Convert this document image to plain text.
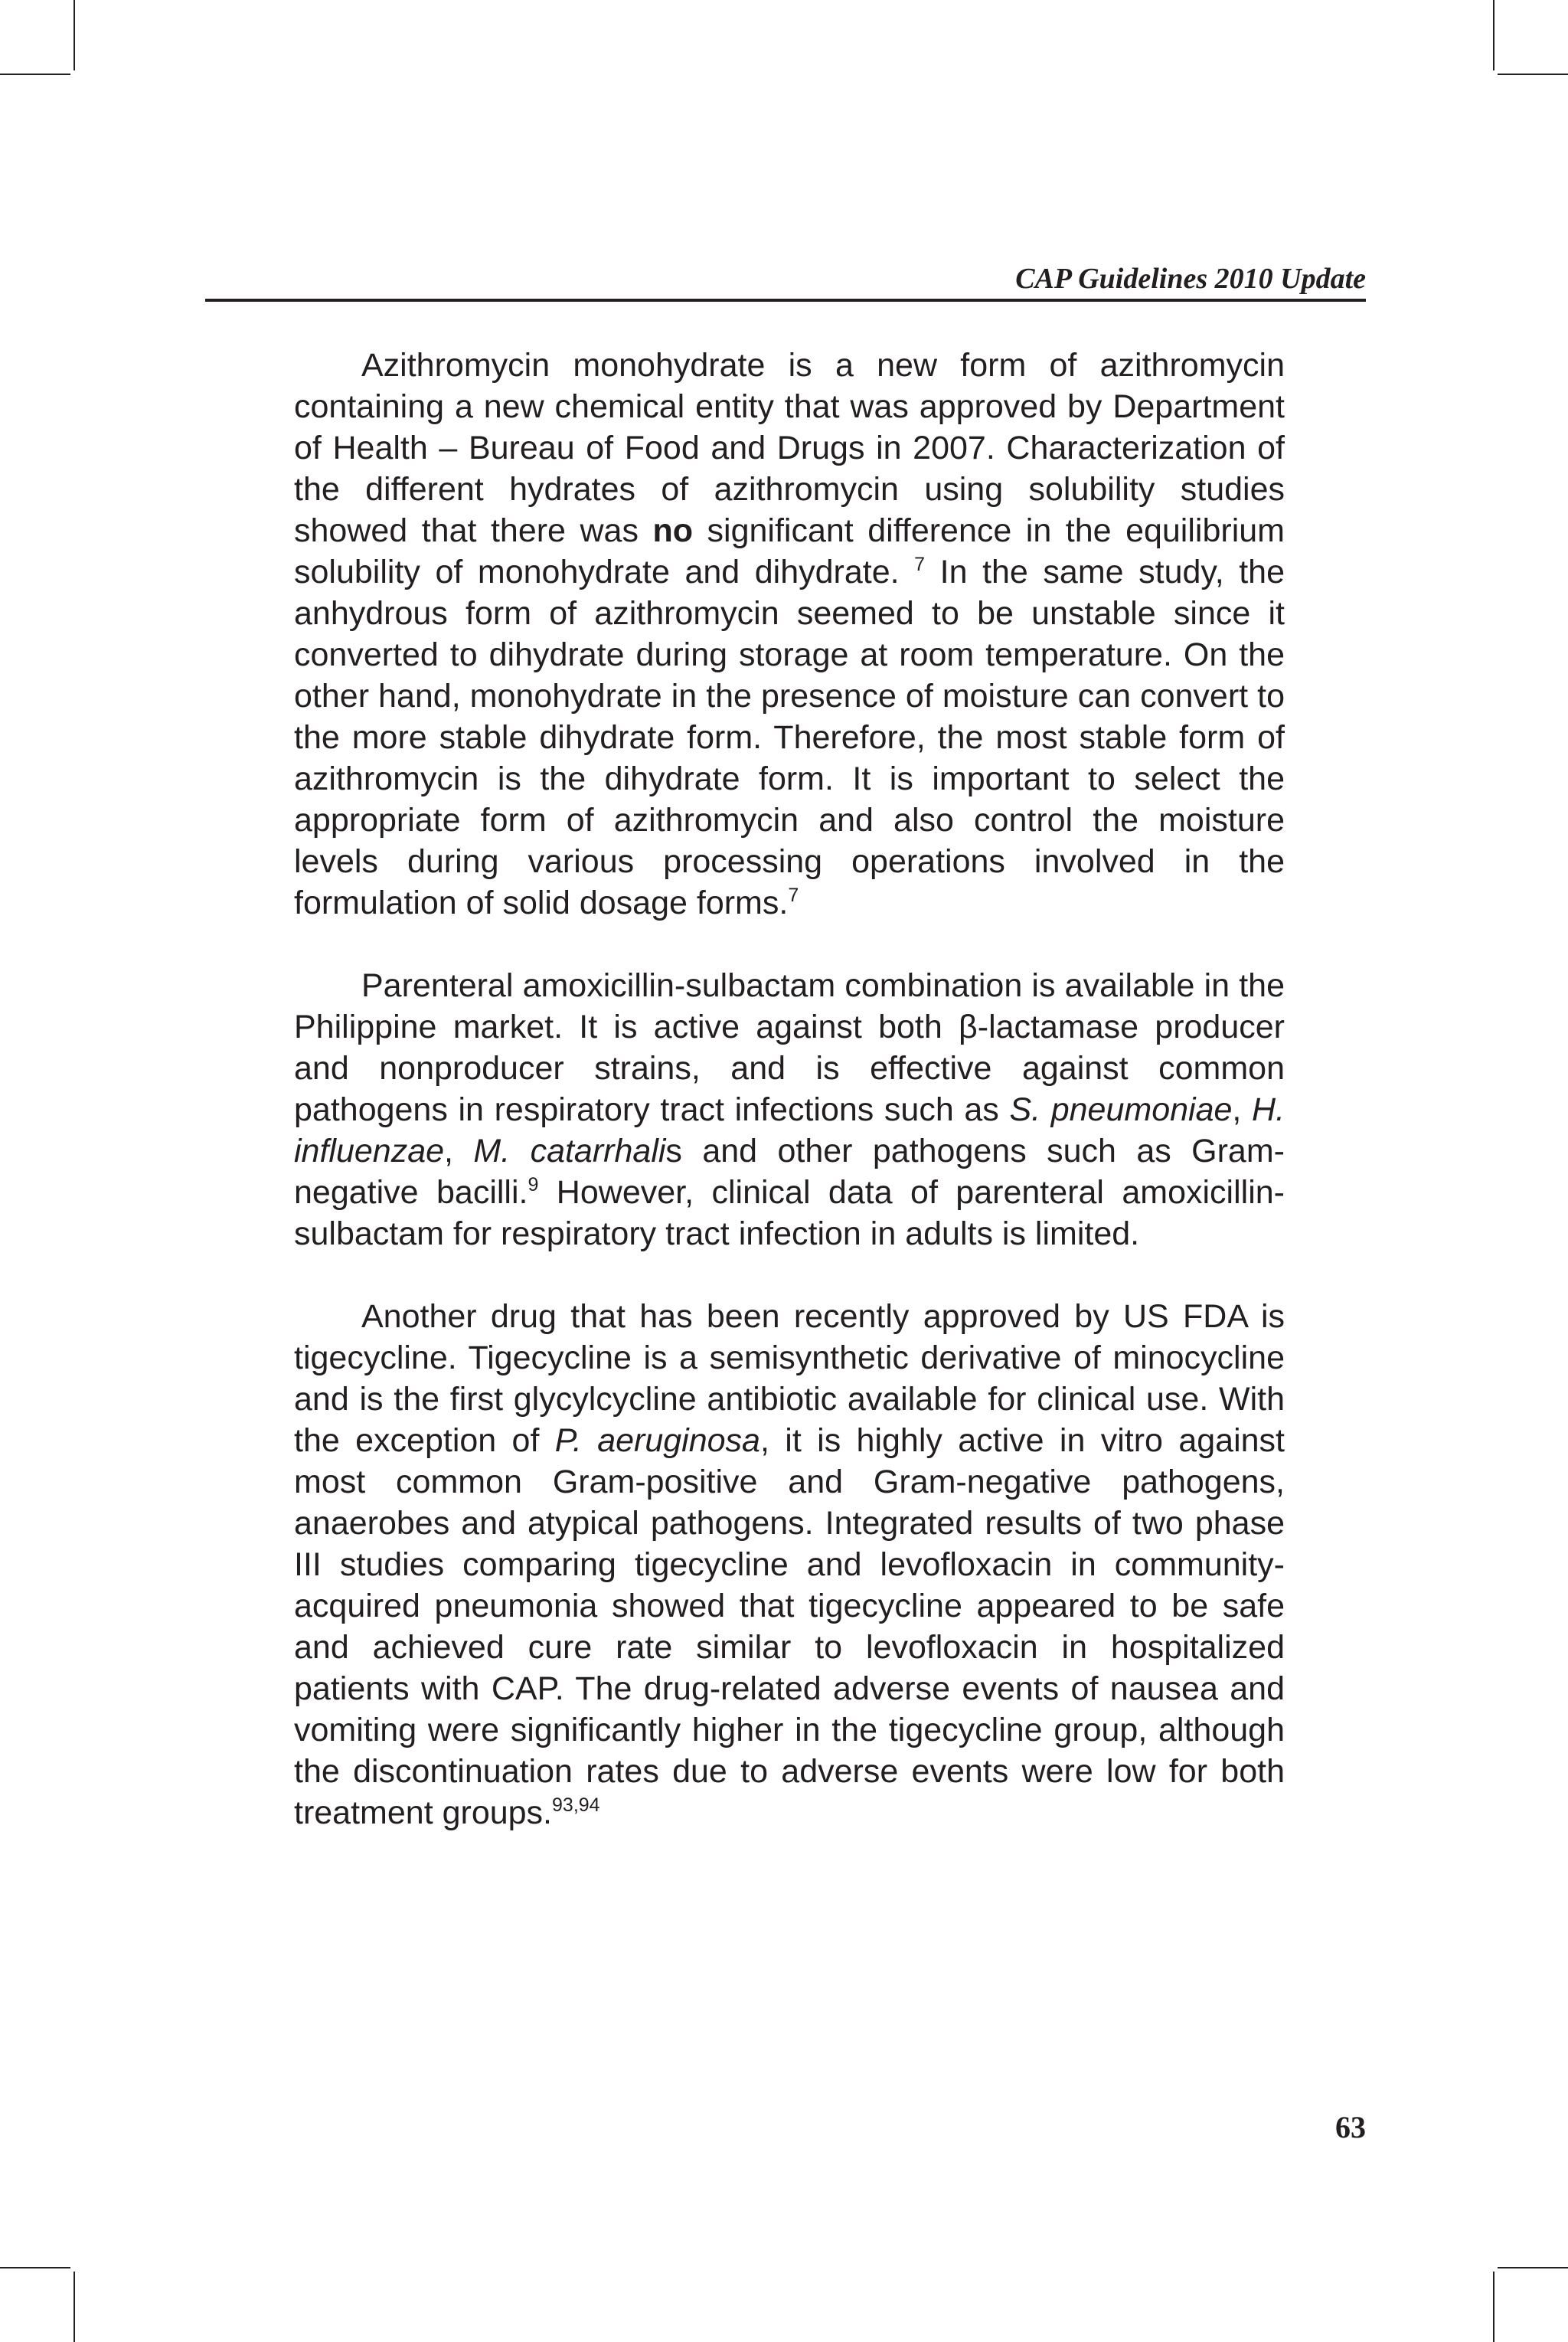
CAP Guidelines 2010 Update

Azithromycin monohydrate is a new form of azithromycin containing a new chemical entity that was approved by Department of Health – Bureau of Food and Drugs in 2007. Characterization of the different hydrates of azithromycin using solubility studies showed that there was no significant difference in the equilibrium solubility of monohydrate and dihydrate. $^7$ In the same study, the anhydrous form of azithromycin seemed to be unstable since it converted to dihydrate during storage at room temperature. On the other hand, monohydrate in the presence of moisture can convert to the more stable dihydrate form. Therefore, the most stable form of azithromycin is the dihydrate form. It is important to select the appropriate form of azithromycin and also control the moisture levels during various processing operations involved in the formulation of solid dosage forms.$^7$

Parenteral amoxicillin-sulbactam combination is available in the Philippine market. It is active against both β-lactamase producer and nonproducer strains, and is effective against common pathogens in respiratory tract infections such as S. pneumoniae, H. influenzae, M. catarrhalis and other pathogens such as Gram-negative bacilli.$^9$ However, clinical data of parenteral amoxicillin-sulbactam for respiratory tract infection in adults is limited.

Another drug that has been recently approved by US FDA is tigecycline. Tigecycline is a semisynthetic derivative of minocycline and is the first glycylcycline antibiotic available for clinical use. With the exception of P. aeruginosa, it is highly active in vitro against most common Gram-positive and Gram-negative pathogens, anaerobes and atypical pathogens. Integrated results of two phase III studies comparing tigecycline and levofloxacin in community-acquired pneumonia showed that tigecycline appeared to be safe and achieved cure rate similar to levofloxacin in hospitalized patients with CAP. The drug-related adverse events of nausea and vomiting were significantly higher in the tigecycline group, although the discontinuation rates due to adverse events were low for both treatment groups.$^{93,94}$

63
